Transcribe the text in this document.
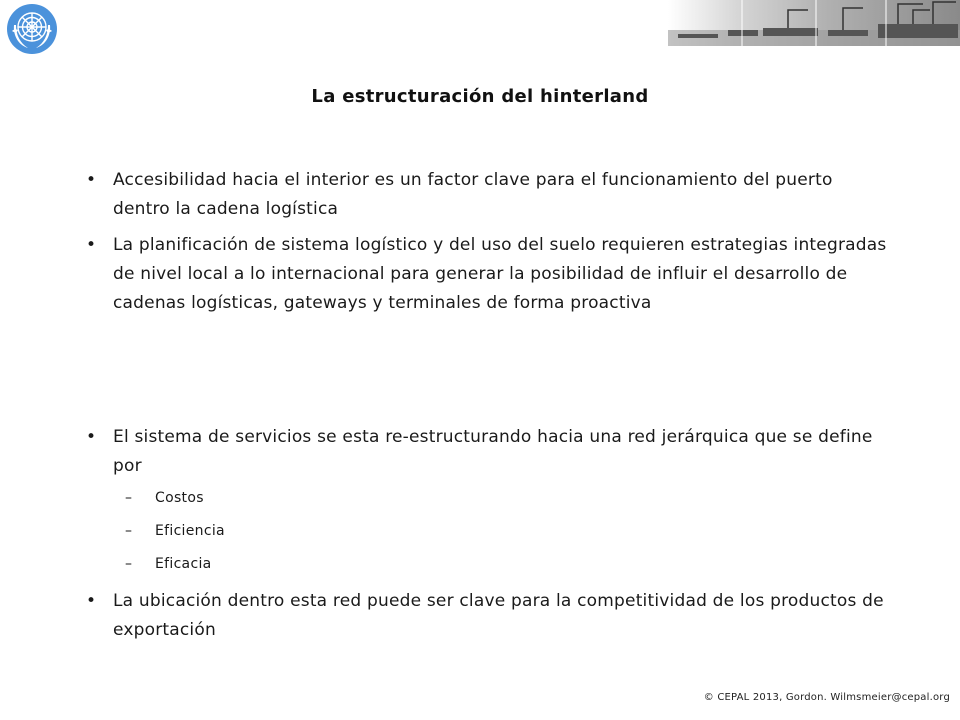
La estructuración del hinterland

• Accesibilidad hacia el interior es un factor clave para el funcionamiento del puerto dentro la cadena logística

• La planificación de sistema logístico y del uso del suelo requieren estrategias integradas de nivel local a lo internacional para generar la posibilidad de influir el desarrollo de cadenas logísticas, gateways y terminales de forma proactiva

• El sistema de servicios se esta re-estructurando hacia una red jerárquica que se define por

– Costos

– Eficiencia

– Eficacia

• La ubicación dentro esta red puede ser clave para la competitividad de los productos de exportación

© CEPAL 2013, Gordon. Wilmsmeier@cepal.org
